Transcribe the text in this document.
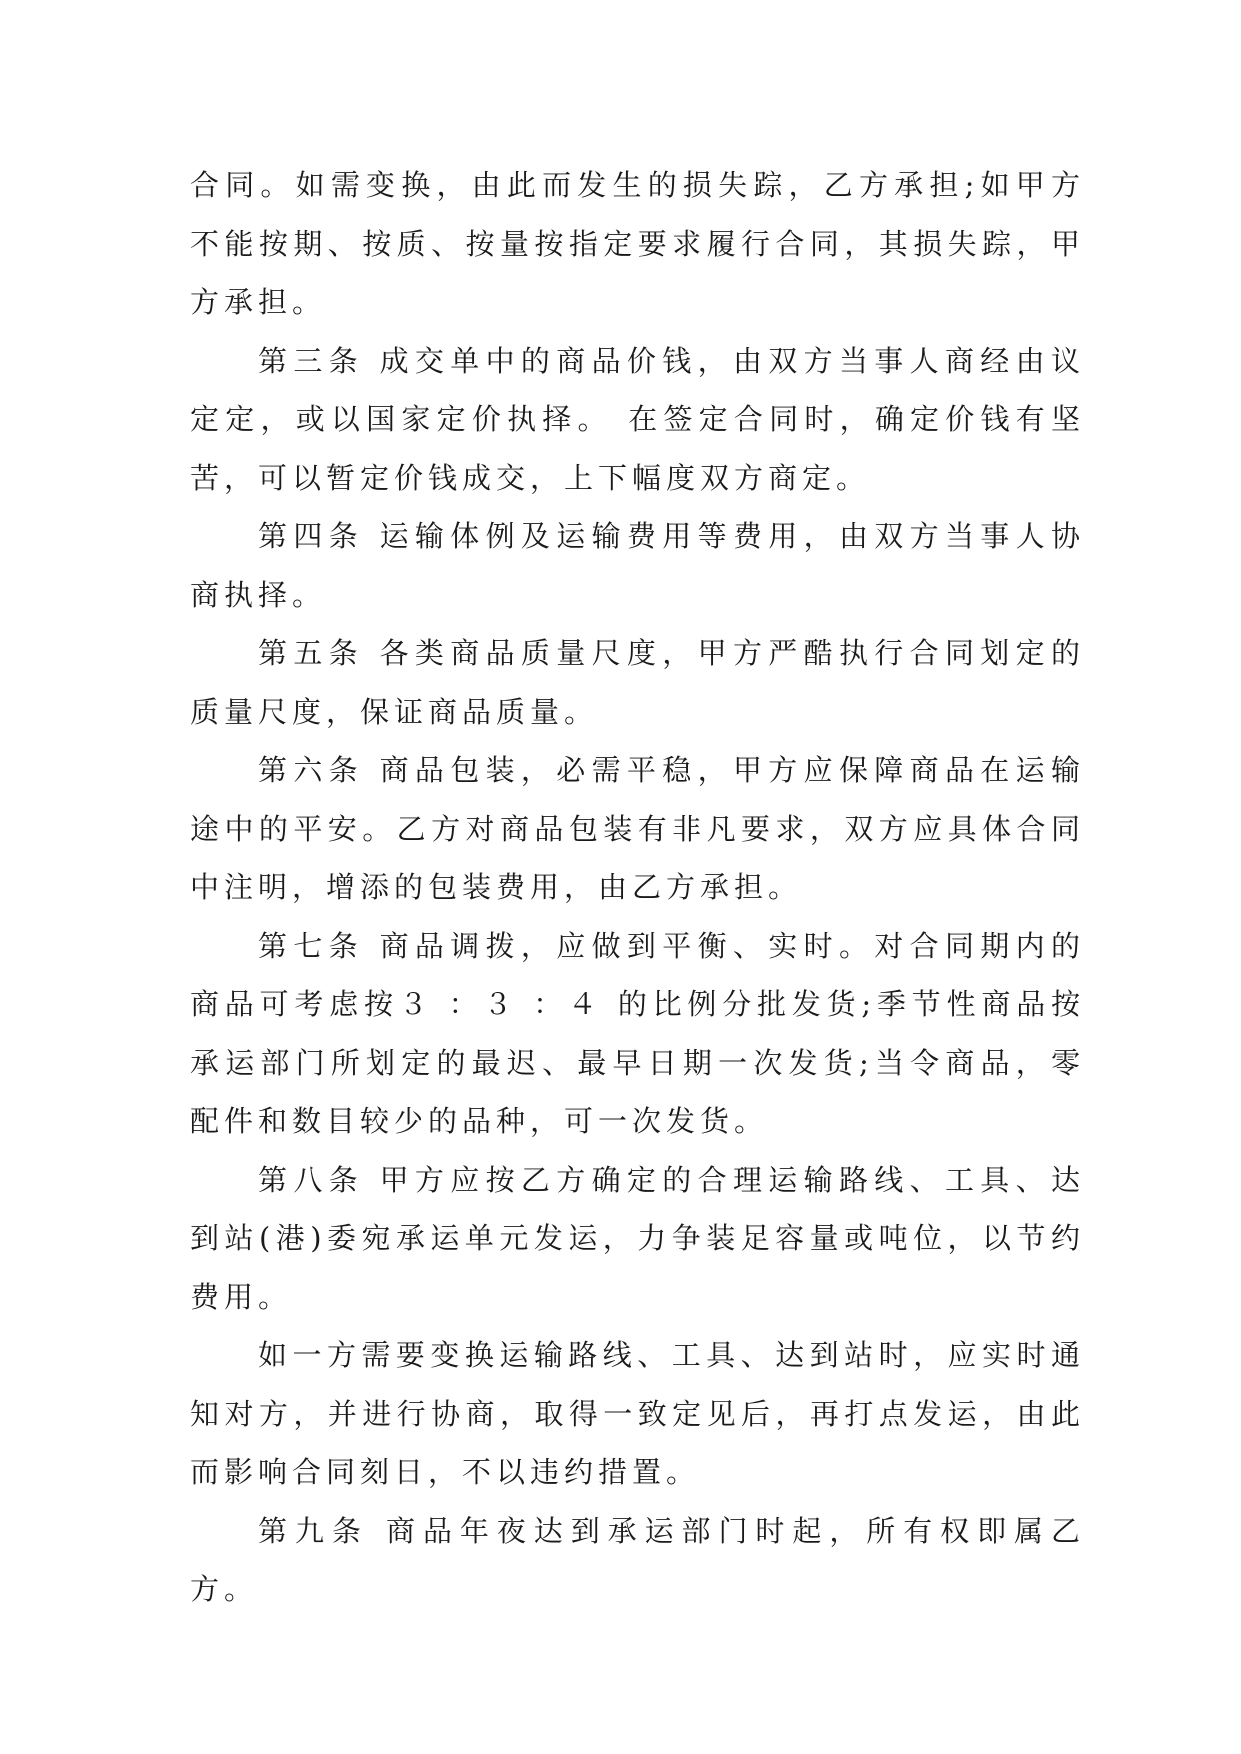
合同。如需变换，由此而发生的损失踪，乙方承担;如甲方不能按期、按质、按量按指定要求履行合同，其损失踪，甲方承担。

第三条 成交单中的商品价钱，由双方当事人商经由议定定，或以国家定价执择。 在签定合同时，确定价钱有坚苦，可以暂定价钱成交，上下幅度双方商定。

第四条 运输体例及运输费用等费用，由双方当事人协商执择。

第五条 各类商品质量尺度，甲方严酷执行合同划定的质量尺度，保证商品质量。

第六条 商品包装，必需平稳，甲方应保障商品在运输途中的平安。乙方对商品包装有非凡要求，双方应具体合同中注明，增添的包装费用，由乙方承担。

第七条 商品调拨，应做到平衡、实时。对合同期内的商品可考虑按３ ：３ ：４ 的比例分批发货;季节性商品按承运部门所划定的最迟、最早日期一次发货;当令商品，零配件和数目较少的品种，可一次发货。

第八条 甲方应按乙方确定的合理运输路线、工具、达到站(港)委宛承运单元发运，力争装足容量或吨位，以节约费用。

如一方需要变换运输路线、工具、达到站时，应实时通知对方，并进行协商，取得一致定见后，再打点发运，由此而影响合同刻日，不以违约措置。

第九条 商品年夜达到承运部门时起，所有权即属乙方。
